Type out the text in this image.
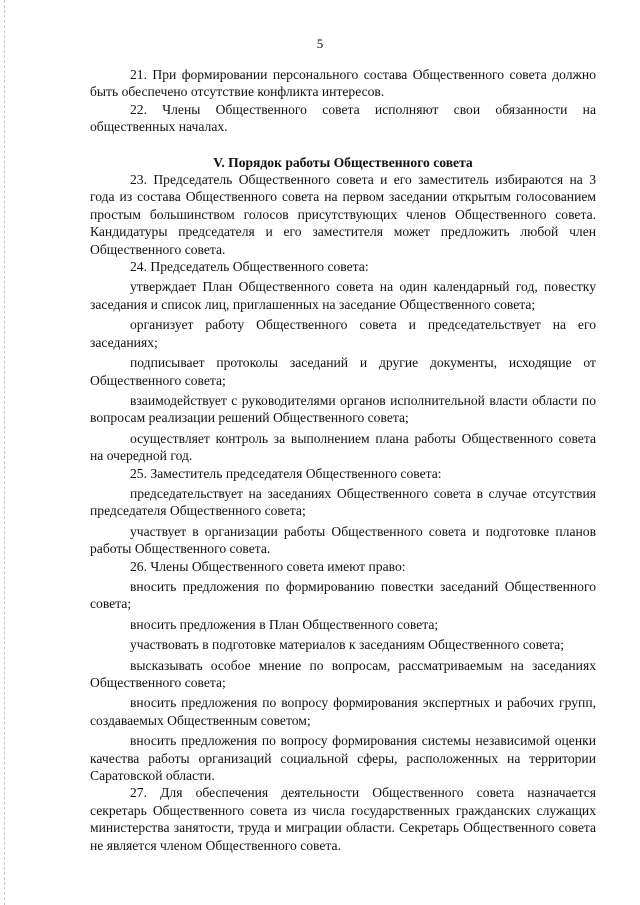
5

21. При формировании персонального состава Общественного совета должно быть обеспечено отсутствие конфликта интересов.

22. Члены Общественного совета исполняют свои обязанности на общественных началах.

V. Порядок работы Общественного совета

23. Председатель Общественного совета и его заместитель избираются на 3 года из состава Общественного совета на первом заседании открытым голосованием простым большинством голосов присутствующих членов Общественного совета. Кандидатуры председателя и его заместителя может предложить любой член Общественного совета.

24. Председатель Общественного совета:

утверждает План Общественного совета на один календарный год, повестку заседания и список лиц, приглашенных на заседание Общественного совета;

организует работу Общественного совета и председательствует на его заседаниях;

подписывает протоколы заседаний и другие документы, исходящие от Общественного совета;

взаимодействует с руководителями органов исполнительной власти области по вопросам реализации решений Общественного совета;

осуществляет контроль за выполнением плана работы Общественного совета на очередной год.

25. Заместитель председателя Общественного совета:

председательствует на заседаниях Общественного совета в случае отсутствия председателя Общественного совета;

участвует в организации работы Общественного совета и подготовке планов работы Общественного совета.

26. Члены Общественного совета имеют право:

вносить предложения по формированию повестки заседаний Общественного совета;

вносить предложения в План Общественного совета;

участвовать в подготовке материалов к заседаниям Общественного совета;

высказывать особое мнение по вопросам, рассматриваемым на заседаниях Общественного совета;

вносить предложения по вопросу формирования экспертных и рабочих групп, создаваемых Общественным советом;

вносить предложения по вопросу формирования системы независимой оценки качества работы организаций социальной сферы, расположенных на территории Саратовской области.

27. Для обеспечения деятельности Общественного совета назначается секретарь Общественного совета из числа государственных гражданских служащих министерства занятости, труда и миграции области. Секретарь Общественного совета не является членом Общественного совета.
